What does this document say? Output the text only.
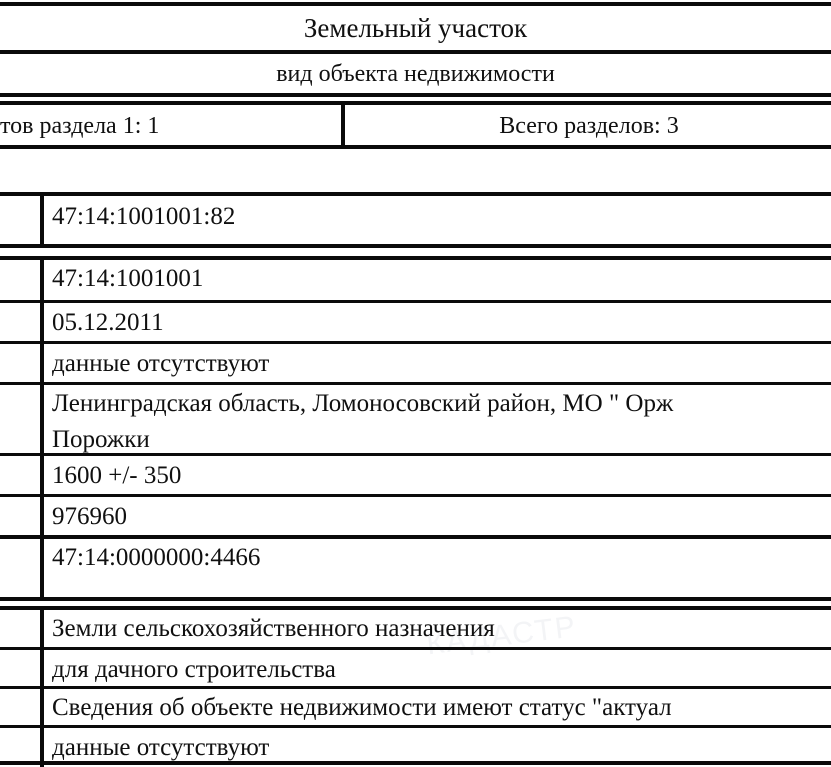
КАДАСТР
Земельный участок
вид объекта недвижимости
тов раздела 1: 1	Всего разделов: 3
47:14:1001001:82
47:14:1001001
05.12.2011
данные отсутствуют
Ленинградская область, Ломоносовский район, МО " Орж
Порожки
1600 +/- 350
976960
47:14:0000000:4466
Земли сельскохозяйственного назначения
для дачного строительства
Сведения об объекте недвижимости имеют статус "актуал
данные отсутствуют
